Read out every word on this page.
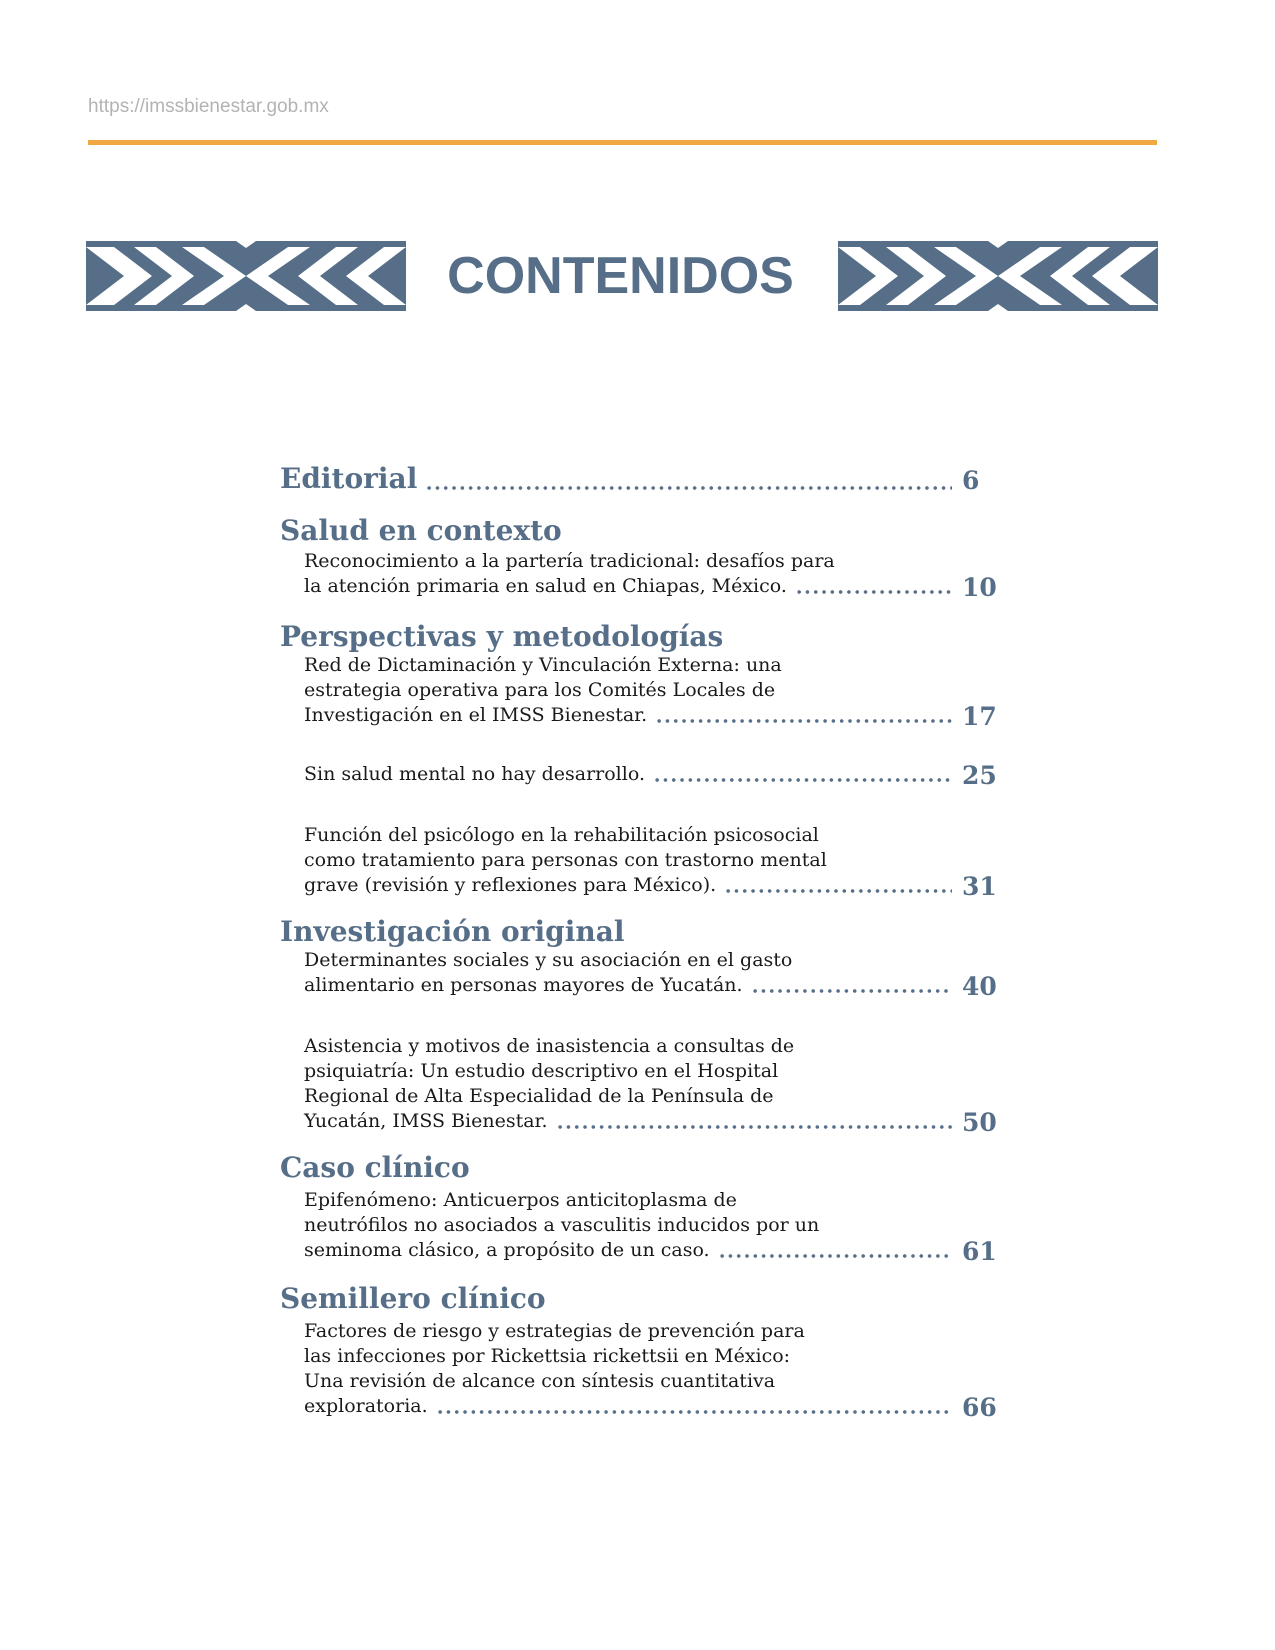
https://imssbienestar.gob.mx
CONTENIDOS
Editorial	6
Salud en contexto
Reconocimiento a la partería tradicional: desafíos para
la atención primaria en salud en Chiapas, México.	10
Perspectivas y metodologías
Red de Dictaminación y Vinculación Externa: una
estrategia operativa para los Comités Locales de
Investigación en el IMSS Bienestar.	17
Sin salud mental no hay desarrollo.	25
Función del psicólogo en la rehabilitación psicosocial
como tratamiento para personas con trastorno mental
grave (revisión y reflexiones para México).	31
Investigación original
Determinantes sociales y su asociación en el gasto
alimentario en personas mayores de Yucatán.	40
Asistencia y motivos de inasistencia a consultas de
psiquiatría: Un estudio descriptivo en el Hospital
Regional de Alta Especialidad de la Península de
Yucatán, IMSS Bienestar.	50
Caso clínico
Epifenómeno: Anticuerpos anticitoplasma de
neutrófilos no asociados a vasculitis inducidos por un
seminoma clásico, a propósito de un caso.	61
Semillero clínico
Factores de riesgo y estrategias de prevención para
las infecciones por Rickettsia rickettsii en México:
Una revisión de alcance con síntesis cuantitativa
exploratoria.	66
